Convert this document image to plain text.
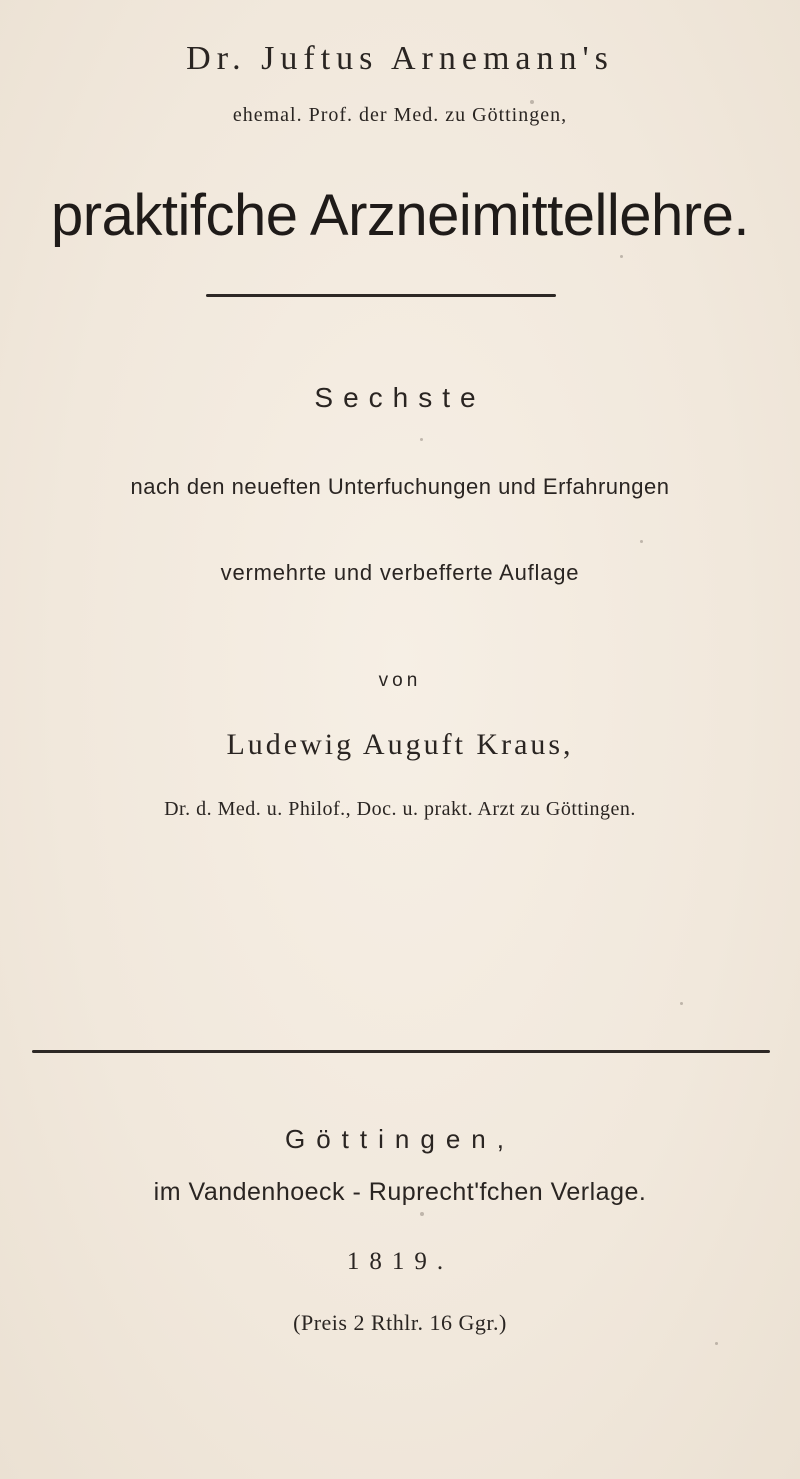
Dr. Juftus Arnemann's
ehemal. Prof. der Med. zu Göttingen,
praktifche Arzneimittellehre.
Sechste
nach den neueften Unterfuchungen und Erfahrungen
vermehrte und verbefferte Auflage
von
Ludewig Auguft Kraus,
Dr. d. Med. u. Philof., Doc. u. prakt. Arzt zu Göttingen.
Göttingen,
im Vandenhoeck - Ruprecht'fchen Verlage.
1819.
(Preis 2 Rthlr. 16 Ggr.)
